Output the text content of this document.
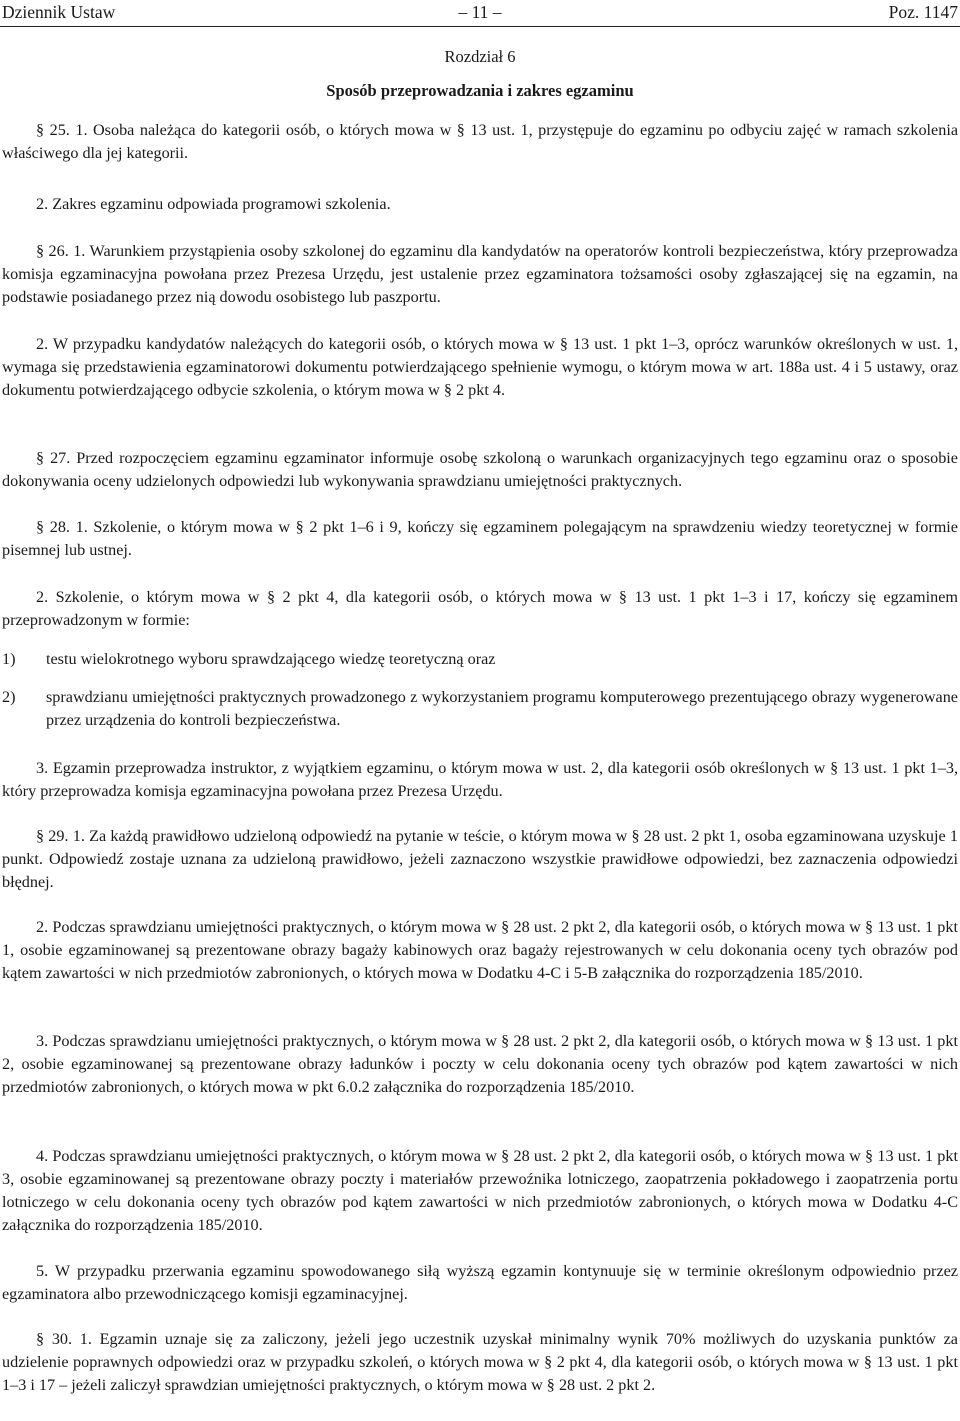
Dziennik Ustaw	– 11 –	Poz. 1147
Rozdział 6
Sposób przeprowadzania i zakres egzaminu

§ 25. 1. Osoba należąca do kategorii osób, o których mowa w § 13 ust. 1, przystępuje do egzaminu po odbyciu zajęć w ramach szkolenia właściwego dla jej kategorii.

2. Zakres egzaminu odpowiada programowi szkolenia.

§ 26. 1. Warunkiem przystąpienia osoby szkolonej do egzaminu dla kandydatów na operatorów kontroli bezpieczeństwa, który przeprowadza komisja egzaminacyjna powołana przez Prezesa Urzędu, jest ustalenie przez egzaminatora tożsamości osoby zgłaszającej się na egzamin, na podstawie posiadanego przez nią dowodu osobistego lub paszportu.

2. W przypadku kandydatów należących do kategorii osób, o których mowa w § 13 ust. 1 pkt 1–3, oprócz warunków określonych w ust. 1, wymaga się przedstawienia egzaminatorowi dokumentu potwierdzającego spełnienie wymogu, o którym mowa w art. 188a ust. 4 i 5 ustawy, oraz dokumentu potwierdzającego odbycie szkolenia, o którym mowa w § 2 pkt 4.

§ 27. Przed rozpoczęciem egzaminu egzaminator informuje osobę szkoloną o warunkach organizacyjnych tego egzaminu oraz o sposobie dokonywania oceny udzielonych odpowiedzi lub wykonywania sprawdzianu umiejętności praktycznych.

§ 28. 1. Szkolenie, o którym mowa w § 2 pkt 1–6 i 9, kończy się egzaminem polegającym na sprawdzeniu wiedzy teoretycznej w formie pisemnej lub ustnej.

2. Szkolenie, o którym mowa w § 2 pkt 4, dla kategorii osób, o których mowa w § 13 ust. 1 pkt 1–3 i 17, kończy się egzaminem przeprowadzonym w formie:

1) testu wielokrotnego wyboru sprawdzającego wiedzę teoretyczną oraz
2) sprawdzianu umiejętności praktycznych prowadzonego z wykorzystaniem programu komputerowego prezentującego obrazy wygenerowane przez urządzenia do kontroli bezpieczeństwa.

3. Egzamin przeprowadza instruktor, z wyjątkiem egzaminu, o którym mowa w ust. 2, dla kategorii osób określonych w § 13 ust. 1 pkt 1–3, który przeprowadza komisja egzaminacyjna powołana przez Prezesa Urzędu.

§ 29. 1. Za każdą prawidłowo udzieloną odpowiedź na pytanie w teście, o którym mowa w § 28 ust. 2 pkt 1, osoba egzaminowana uzyskuje 1 punkt. Odpowiedź zostaje uznana za udzieloną prawidłowo, jeżeli zaznaczono wszystkie prawidłowe odpowiedzi, bez zaznaczenia odpowiedzi błędnej.

2. Podczas sprawdzianu umiejętności praktycznych, o którym mowa w § 28 ust. 2 pkt 2, dla kategorii osób, o których mowa w § 13 ust. 1 pkt 1, osobie egzaminowanej są prezentowane obrazy bagaży kabinowych oraz bagaży rejestrowanych w celu dokonania oceny tych obrazów pod kątem zawartości w nich przedmiotów zabronionych, o których mowa w Dodatku 4-C i 5-B załącznika do rozporządzenia 185/2010.

3. Podczas sprawdzianu umiejętności praktycznych, o którym mowa w § 28 ust. 2 pkt 2, dla kategorii osób, o których mowa w § 13 ust. 1 pkt 2, osobie egzaminowanej są prezentowane obrazy ładunków i poczty w celu dokonania oceny tych obrazów pod kątem zawartości w nich przedmiotów zabronionych, o których mowa w pkt 6.0.2 załącznika do rozporządzenia 185/2010.

4. Podczas sprawdzianu umiejętności praktycznych, o którym mowa w § 28 ust. 2 pkt 2, dla kategorii osób, o których mowa w § 13 ust. 1 pkt 3, osobie egzaminowanej są prezentowane obrazy poczty i materiałów przewoźnika lotniczego, zaopatrzenia pokładowego i zaopatrzenia portu lotniczego w celu dokonania oceny tych obrazów pod kątem zawartości w nich przedmiotów zabronionych, o których mowa w Dodatku 4-C załącznika do rozporządzenia 185/2010.

5. W przypadku przerwania egzaminu spowodowanego siłą wyższą egzamin kontynuuje się w terminie określonym odpowiednio przez egzaminatora albo przewodniczącego komisji egzaminacyjnej.

§ 30. 1. Egzamin uznaje się za zaliczony, jeżeli jego uczestnik uzyskał minimalny wynik 70% możliwych do uzyskania punktów za udzielenie poprawnych odpowiedzi oraz w przypadku szkoleń, o których mowa w § 2 pkt 4, dla kategorii osób, o których mowa w § 13 ust. 1 pkt 1–3 i 17 – jeżeli zaliczył sprawdzian umiejętności praktycznych, o którym mowa w § 28 ust. 2 pkt 2.
